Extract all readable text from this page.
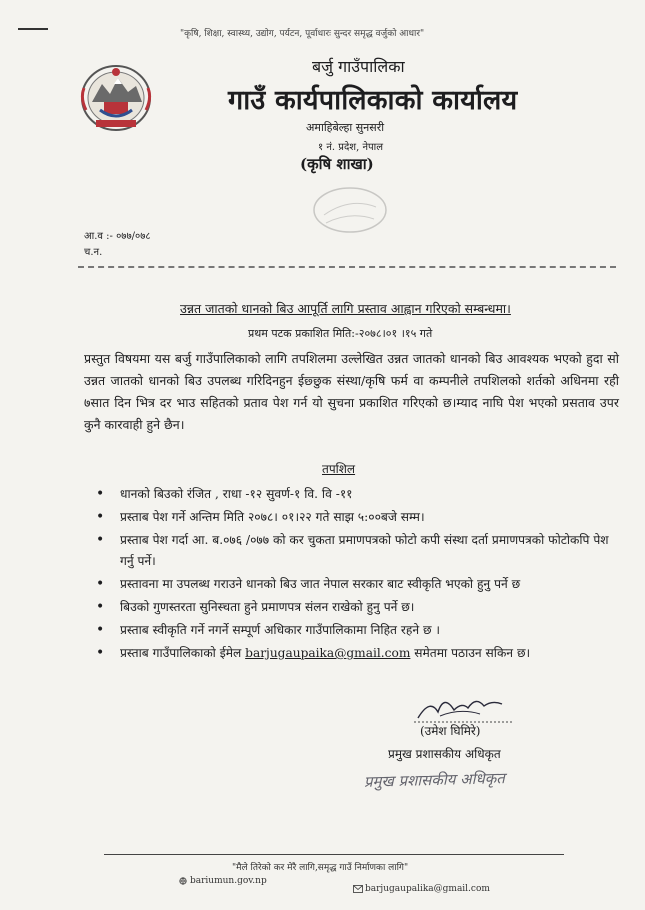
"कृषि, शिक्षा, स्वास्थ्य, उद्योग, पर्यटन, पूर्वाधारः सुन्दर समृद्ध वर्जुको आधार"
बर्जु गाउँपालिका
गाउँ कार्यपालिकाको कार्यालय
अमाहिबेल्हा सुनसरी
१ नं. प्रदेश, नेपाल
(कृषि शाखा)
आ.व :- ०७७/०७८
च.न.
उन्नत जातको धानको बिउ आपूर्ति लागि प्रस्ताव आह्वान गरिएको सम्बन्धमा।
प्रथम पटक प्रकाशित मिति:-२०७८।०१ ।१५ गते
प्रस्तुत विषयमा यस बर्जु गाउँपालिकाको लागि तपशिलमा उल्लेखित उन्नत जातको धानको बिउ आवश्यक भएको हुदा सो उन्नत जातको धानको बिउ उपलब्ध गरिदिनहुन ईछ्छुक संस्था/कृषि फर्म वा कम्पनीले तपशिलको शर्तको अधिनमा रही ७सात दिन भित्र दर भाउ सहितको प्रताव पेश गर्न यो सुचना प्रकाशित गरिएको छ।म्याद नाघि पेश भएको प्रसताव उपर कुनै कारवाही हुने छैन।
तपशिल
• धानको बिउको रंजित , राधा -१२ सुवर्ण-१ वि. वि -११
• प्रस्ताब पेश गर्ने अन्तिम मिति २०७८। ०१।२२ गते साझ ५:००बजे सम्म।
• प्रस्ताब पेश गर्दा आ. ब.०७६ /०७७ को कर चुकता प्रमाणपत्रको फोटो कपी संस्था दर्ता प्रमाणपत्रको फोटोकपि पेश गर्नु पर्ने।
• प्रस्तावना मा उपलब्ध गराउने धानको बिउ जात नेपाल सरकार बाट स्वीकृति भएको हुनु पर्ने छ
• बिउको गुणस्तरता सुनिस्चता हुने प्रमाणपत्र संलन राखेको हुनु पर्ने छ।
• प्रस्ताब स्वीकृति गर्ने नगर्ने सम्पूर्ण अधिकार गाउँपालिकामा निहित रहने छ ।
• प्रस्ताब गाउँपालिकाको ईमेल barjugaupaika@gmail.com समेतमा पठाउन सकिन छ।
(उमेश घिमिरे)
प्रमुख प्रशासकीय अधिकृत
प्रमुख प्रशासकीय अधिकृत
"मैले तिरेको कर मेरै लागि,समृद्ध गाउँ निर्माणका लागि"
bariumun.gov.np
barjugaupalika@gmail.com
